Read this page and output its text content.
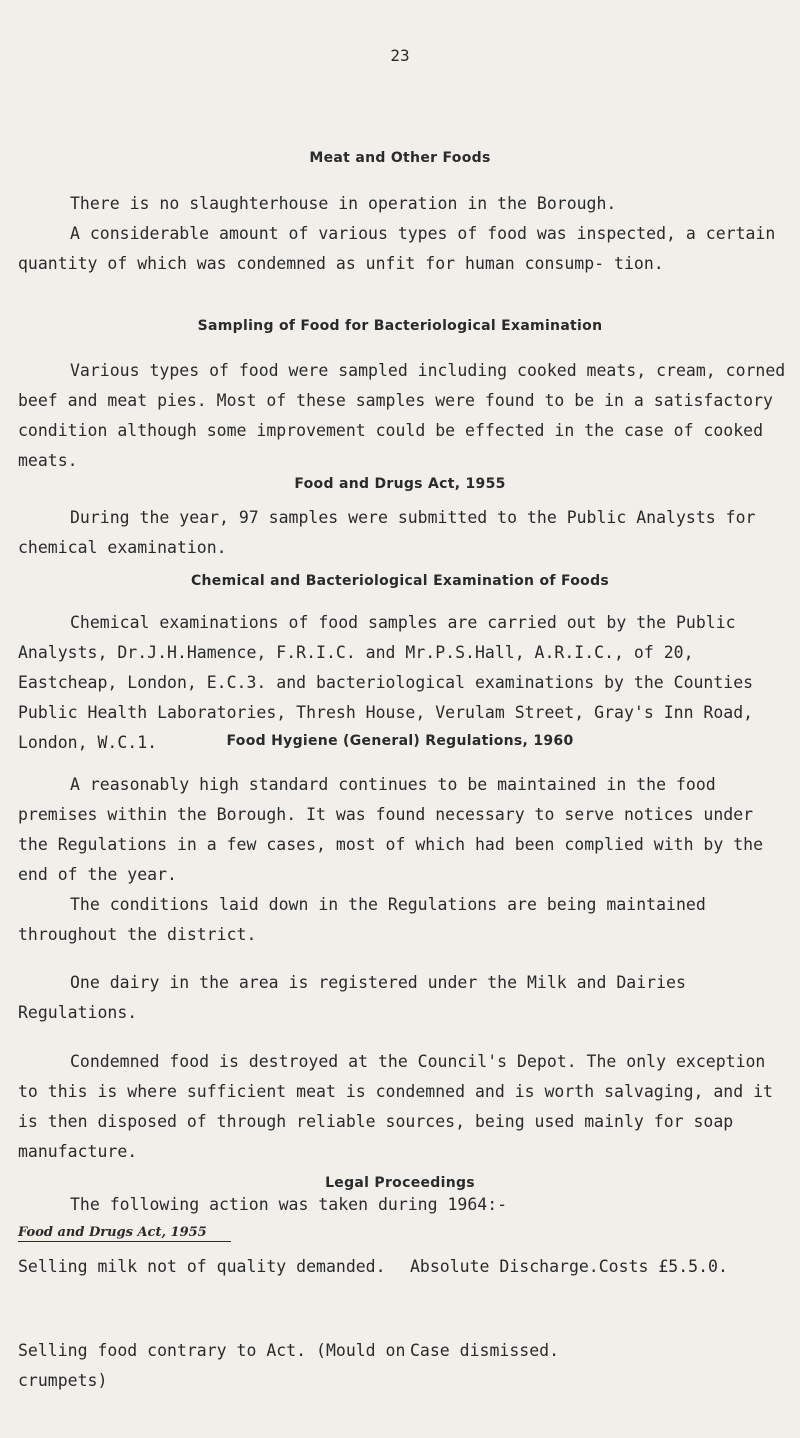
23
Meat and Other Foods

There is no slaughterhouse in operation in the Borough.

A considerable amount of various types of food was inspected, a certain quantity of which was condemned as unfit for human consump- tion.

Sampling of Food for Bacteriological Examination

Various types of food were sampled including cooked meats, cream, corned beef and meat pies. Most of these samples were found to be in a satisfactory condition although some improvement could be effected in the case of cooked meats.

Food and Drugs Act, 1955

During the year, 97 samples were submitted to the Public Analysts for chemical examination.

Chemical and Bacteriological Examination of Foods

Chemical examinations of food samples are carried out by the Public Analysts, Dr.J.H.Hamence, F.R.I.C. and Mr.P.S.Hall, A.R.I.C., of 20, Eastcheap, London, E.C.3. and bacteriological examinations by the Counties Public Health Laboratories, Thresh House, Verulam Street, Gray's Inn Road, London, W.C.1.	Food Hygiene (General) Regulations, 1960

A reasonably high standard continues to be maintained in the food premises within the Borough. It was found necessary to serve notices under the Regulations in a few cases, most of which had been complied with by the end of the year.

The conditions laid down in the Regulations are being maintained throughout the district.

One dairy in the area is registered under the Milk and Dairies Regulations.

Condemned food is destroyed at the Council's Depot. The only exception to this is where sufficient meat is condemned and is worth salvaging, and it is then disposed of through reliable sources, being used mainly for soap manufacture.

Legal Proceedings

The following action was taken during 1964:-

Food and Drugs Act, 1955
Selling milk not of quality demanded.	Absolute Discharge.Costs £5.5.0.
Selling food contrary to Act. (Mould on crumpets)
Case dismissed.
